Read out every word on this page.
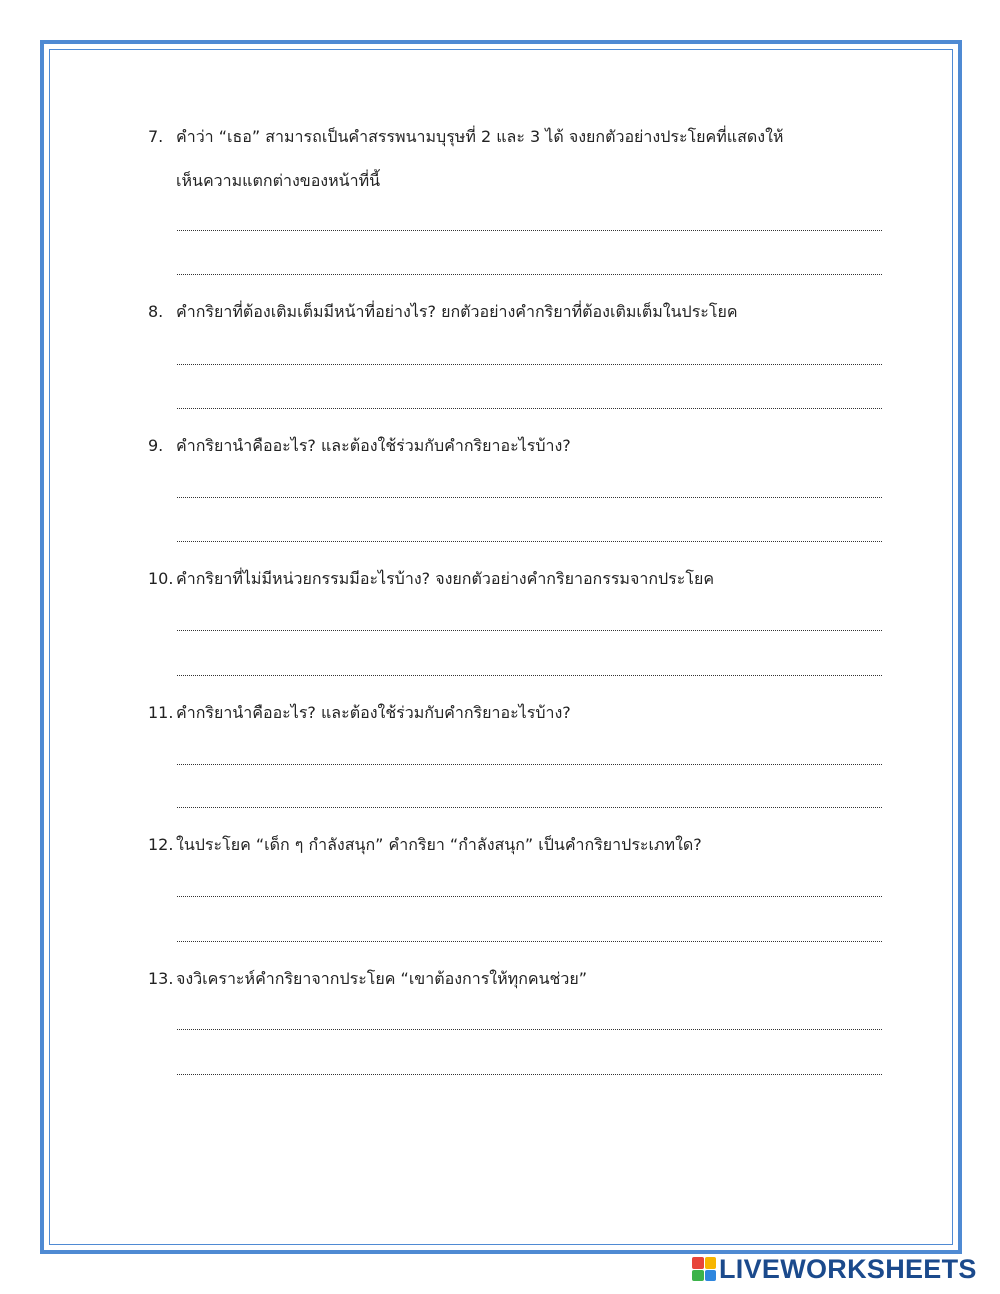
7. คำว่า “เธอ” สามารถเป็นคำสรรพนามบุรุษที่ 2 และ 3 ได้ จงยกตัวอย่างประโยคที่แสดงให้
เห็นความแตกต่างของหน้าที่นี้
8. คำกริยาที่ต้องเติมเต็มมีหน้าที่อย่างไร? ยกตัวอย่างคำกริยาที่ต้องเติมเต็มในประโยค
9. คำกริยานำคืออะไร? และต้องใช้ร่วมกับคำกริยาอะไรบ้าง?
10. คำกริยาที่ไม่มีหน่วยกรรมมีอะไรบ้าง? จงยกตัวอย่างคำกริยาอกรรมจากประโยค
11. คำกริยานำคืออะไร? และต้องใช้ร่วมกับคำกริยาอะไรบ้าง?
12. ในประโยค “เด็ก ๆ กำลังสนุก” คำกริยา “กำลังสนุก” เป็นคำกริยาประเภทใด?
13. จงวิเคราะห์คำกริยาจากประโยค “เขาต้องการให้ทุกคนช่วย”
LIVEWORKSHEETS
